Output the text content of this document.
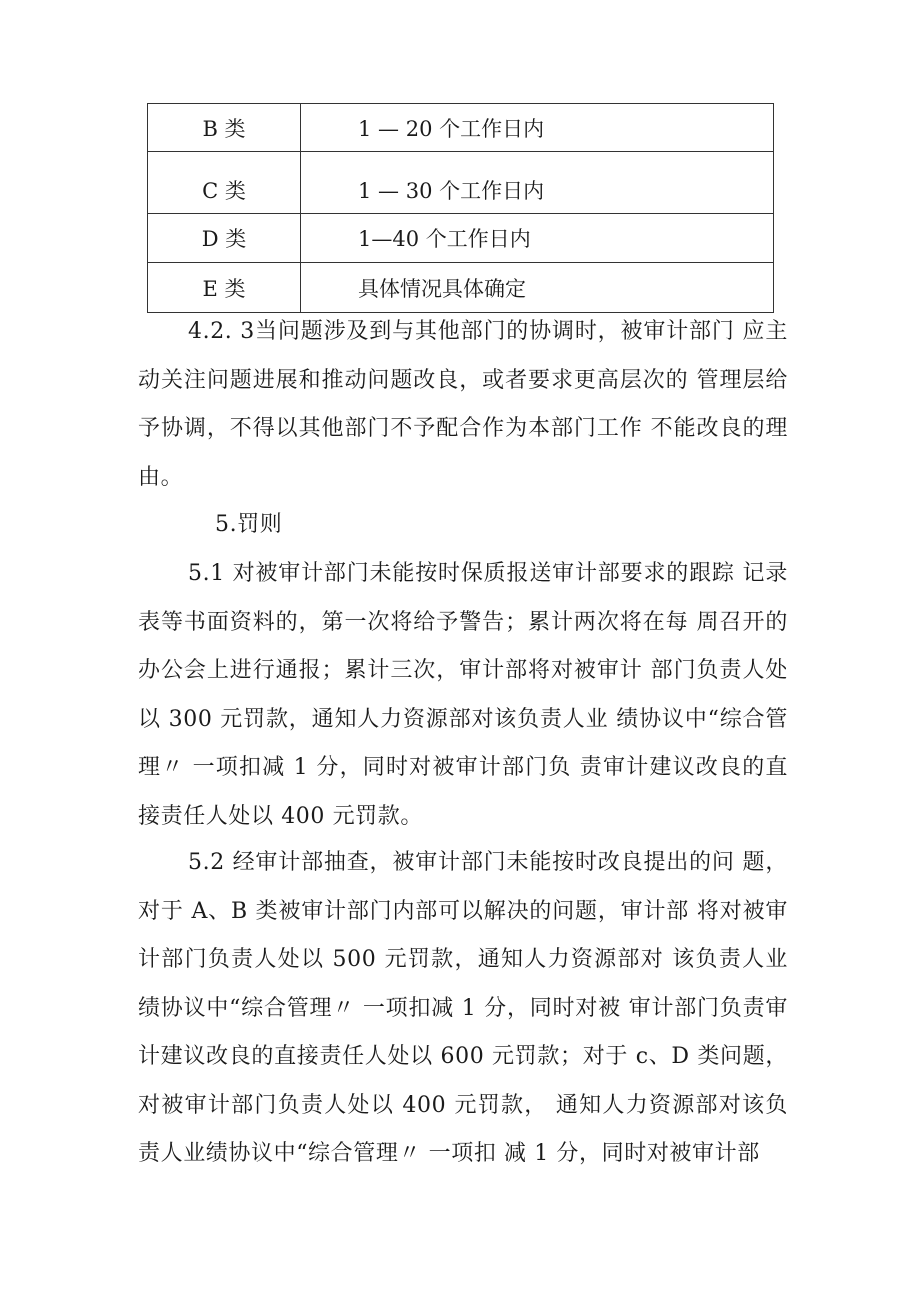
B 类	1 — 20 个工作日内
C 类	1 — 30 个工作日内
D 类	1—40 个工作日内
E 类	具体情况具体确定

4.2. 3当问题涉及到与其他部门的协调时，被审计部门 应主动关注问题进展和推动问题改良，或者要求更高层次的 管理层给予协调，不得以其他部门不予配合作为本部门工作 不能改良的理由。

5.罚则

5.1 对被审计部门未能按时保质报送审计部要求的跟踪 记录表等书面资料的，第一次将给予警告；累计两次将在每 周召开的办公会上进行通报；累计三次，审计部将对被审计 部门负责人处以 300 元罚款，通知人力资源部对该负责人业 绩协议中“综合管理〃 一项扣减 1 分，同时对被审计部门负 责审计建议改良的直接责任人处以 400 元罚款。

5.2 经审计部抽查，被审计部门未能按时改良提出的问 题，对于 A、B 类被审计部门内部可以解决的问题，审计部 将对被审计部门负责人处以 500 元罚款，通知人力资源部对 该负责人业绩协议中“综合管理〃 一项扣减 1 分，同时对被 审计部门负责审计建议改良的直接责任人处以 600 元罚款；对于 c、D 类问题，对被审计部门负责人处以 400 元罚款， 通知人力资源部对该负责人业绩协议中“综合管理〃 一项扣 减 1 分，同时对被审计部
